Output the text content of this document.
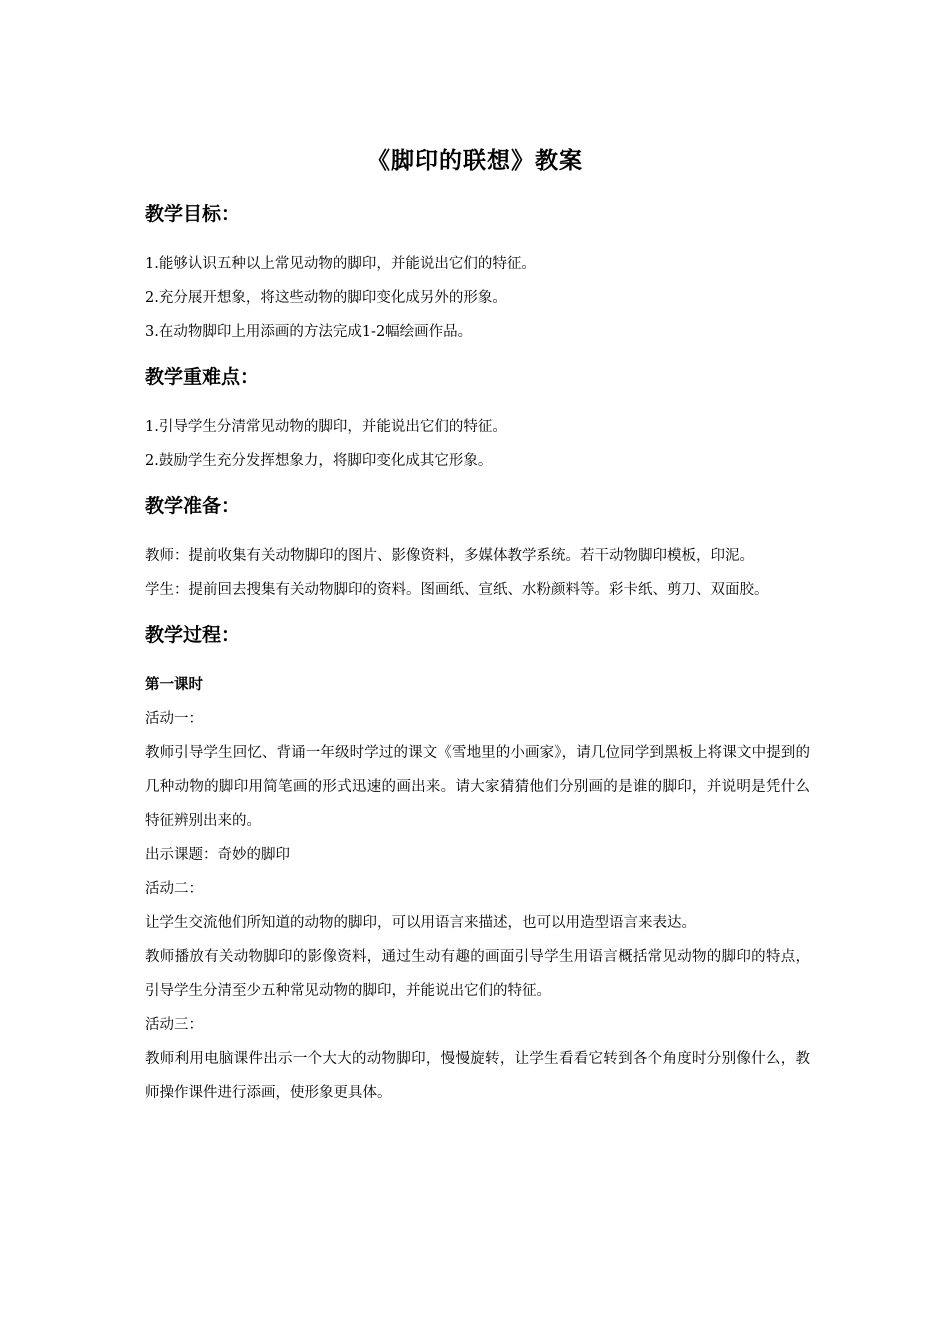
《脚印的联想》教案
教学目标：

1.能够认识五种以上常见动物的脚印，并能说出它们的特征。

2.充分展开想象，将这些动物的脚印变化成另外的形象。

3.在动物脚印上用添画的方法完成1-2幅绘画作品。

教学重难点：

1.引导学生分清常见动物的脚印，并能说出它们的特征。

2.鼓励学生充分发挥想象力，将脚印变化成其它形象。

教学准备：

教师：提前收集有关动物脚印的图片、影像资料，多媒体教学系统。若干动物脚印模板，印泥。

学生：提前回去搜集有关动物脚印的资料。图画纸、宣纸、水粉颜料等。彩卡纸、剪刀、双面胶。

教学过程：
第一课时

活动一：

教师引导学生回忆、背诵一年级时学过的课文《雪地里的小画家》，请几位同学到黑板上将课文中提到的几种动物的脚印用简笔画的形式迅速的画出来。请大家猜猜他们分别画的是谁的脚印，并说明是凭什么特征辨别出来的。

出示课题：奇妙的脚印

活动二：

让学生交流他们所知道的动物的脚印，可以用语言来描述，也可以用造型语言来表达。

教师播放有关动物脚印的影像资料，通过生动有趣的画面引导学生用语言概括常见动物的脚印的特点，引导学生分清至少五种常见动物的脚印，并能说出它们的特征。

活动三：

教师利用电脑课件出示一个大大的动物脚印，慢慢旋转，让学生看看它转到各个角度时分别像什么，教师操作课件进行添画，使形象更具体。
